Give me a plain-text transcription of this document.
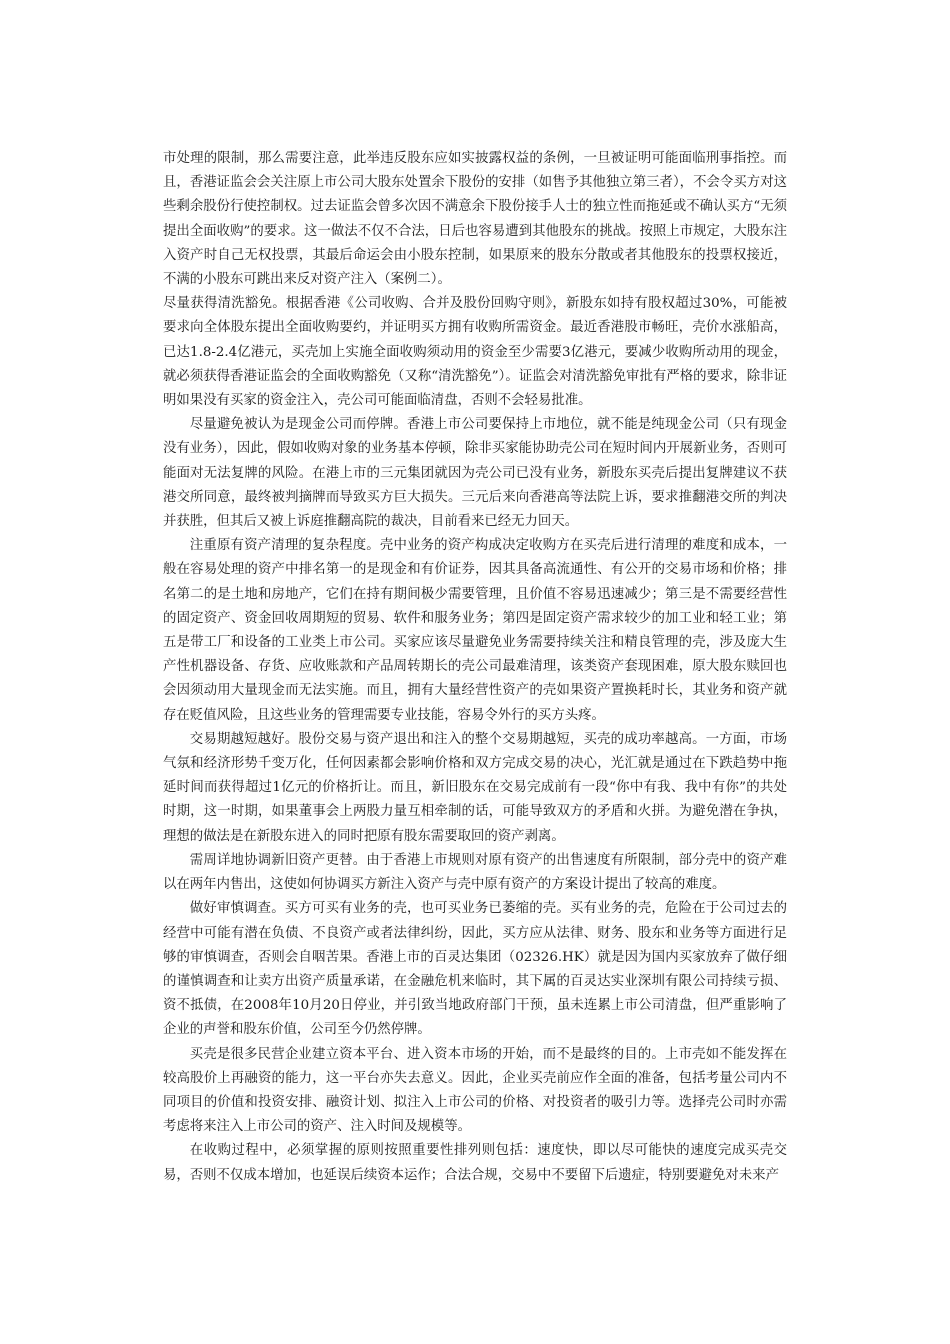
市处理的限制，那么需要注意，此举违反股东应如实披露权益的条例，一旦被证明可能面临刑事指控。而且，香港证监会会关注原上市公司大股东处置余下股份的安排（如售予其他独立第三者），不会令买方对这些剩余股份行使控制权。过去证监会曾多次因不满意余下股份接手人士的独立性而拖延或不确认买方“无须提出全面收购”的要求。这一做法不仅不合法，日后也容易遭到其他股东的挑战。按照上市规定，大股东注入资产时自己无权投票，其最后命运会由小股东控制，如果原来的股东分散或者其他股东的投票权接近，不满的小股东可跳出来反对资产注入（案例二）。

尽量获得清洗豁免。根据香港《公司收购、合并及股份回购守则》，新股东如持有股权超过30%，可能被要求向全体股东提出全面收购要约，并证明买方拥有收购所需资金。最近香港股市畅旺，壳价水涨船高，已达1.8-2.4亿港元，买壳加上实施全面收购须动用的资金至少需要3亿港元，要减少收购所动用的现金，就必须获得香港证监会的全面收购豁免（又称“清洗豁免”）。证监会对清洗豁免审批有严格的要求，除非证明如果没有买家的资金注入，壳公司可能面临清盘，否则不会轻易批准。

尽量避免被认为是现金公司而停牌。香港上市公司要保持上市地位，就不能是纯现金公司（只有现金没有业务），因此，假如收购对象的业务基本停顿，除非买家能协助壳公司在短时间内开展新业务，否则可能面对无法复牌的风险。在港上市的三元集团就因为壳公司已没有业务，新股东买壳后提出复牌建议不获港交所同意，最终被判摘牌而导致买方巨大损失。三元后来向香港高等法院上诉，要求推翻港交所的判决并获胜，但其后又被上诉庭推翻高院的裁决，目前看来已经无力回天。

注重原有资产清理的复杂程度。壳中业务的资产构成决定收购方在买壳后进行清理的难度和成本，一般在容易处理的资产中排名第一的是现金和有价证券，因其具备高流通性、有公开的交易市场和价格；排名第二的是土地和房地产，它们在持有期间极少需要管理，且价值不容易迅速减少；第三是不需要经营性的固定资产、资金回收周期短的贸易、软件和服务业务；第四是固定资产需求较少的加工业和轻工业；第五是带工厂和设备的工业类上市公司。买家应该尽量避免业务需要持续关注和精良管理的壳，涉及庞大生产性机器设备、存货、应收账款和产品周转期长的壳公司最难清理，该类资产套现困难，原大股东赎回也会因须动用大量现金而无法实施。而且，拥有大量经营性资产的壳如果资产置换耗时长，其业务和资产就存在贬值风险，且这些业务的管理需要专业技能，容易令外行的买方头疼。

交易期越短越好。股份交易与资产退出和注入的整个交易期越短，买壳的成功率越高。一方面，市场气氛和经济形势千变万化，任何因素都会影响价格和双方完成交易的决心，光汇就是通过在下跌趋势中拖延时间而获得超过1亿元的价格折让。而且，新旧股东在交易完成前有一段“你中有我、我中有你”的共处时期，这一时期，如果董事会上两股力量互相牵制的话，可能导致双方的矛盾和火拼。为避免潜在争执，理想的做法是在新股东进入的同时把原有股东需要取回的资产剥离。

需周详地协调新旧资产更替。由于香港上市规则对原有资产的出售速度有所限制，部分壳中的资产难以在两年内售出，这使如何协调买方新注入资产与壳中原有资产的方案设计提出了较高的难度。

做好审慎调查。买方可买有业务的壳，也可买业务已萎缩的壳。买有业务的壳，危险在于公司过去的经营中可能有潜在负债、不良资产或者法律纠纷，因此，买方应从法律、财务、股东和业务等方面进行足够的审慎调查，否则会自咽苦果。香港上市的百灵达集团（02326.HK）就是因为国内买家放弃了做仔细的谨慎调查和让卖方出资产质量承诺，在金融危机来临时，其下属的百灵达实业深圳有限公司持续亏损、资不抵债，在2008年10月20日停业，并引致当地政府部门干预，虽未连累上市公司清盘，但严重影响了企业的声誉和股东价值，公司至今仍然停牌。

买壳是很多民营企业建立资本平台、进入资本市场的开始，而不是最终的目的。上市壳如不能发挥在较高股价上再融资的能力，这一平台亦失去意义。因此，企业买壳前应作全面的准备，包括考量公司内不同项目的价值和投资安排、融资计划、拟注入上市公司的价格、对投资者的吸引力等。选择壳公司时亦需考虑将来注入上市公司的资产、注入时间及规模等。

在收购过程中，必须掌握的原则按照重要性排列则包括：速度快，即以尽可能快的速度完成买壳交易，否则不仅成本增加，也延误后续资本运作；合法合规，交易中不要留下后遗症，特别要避免对未来产
